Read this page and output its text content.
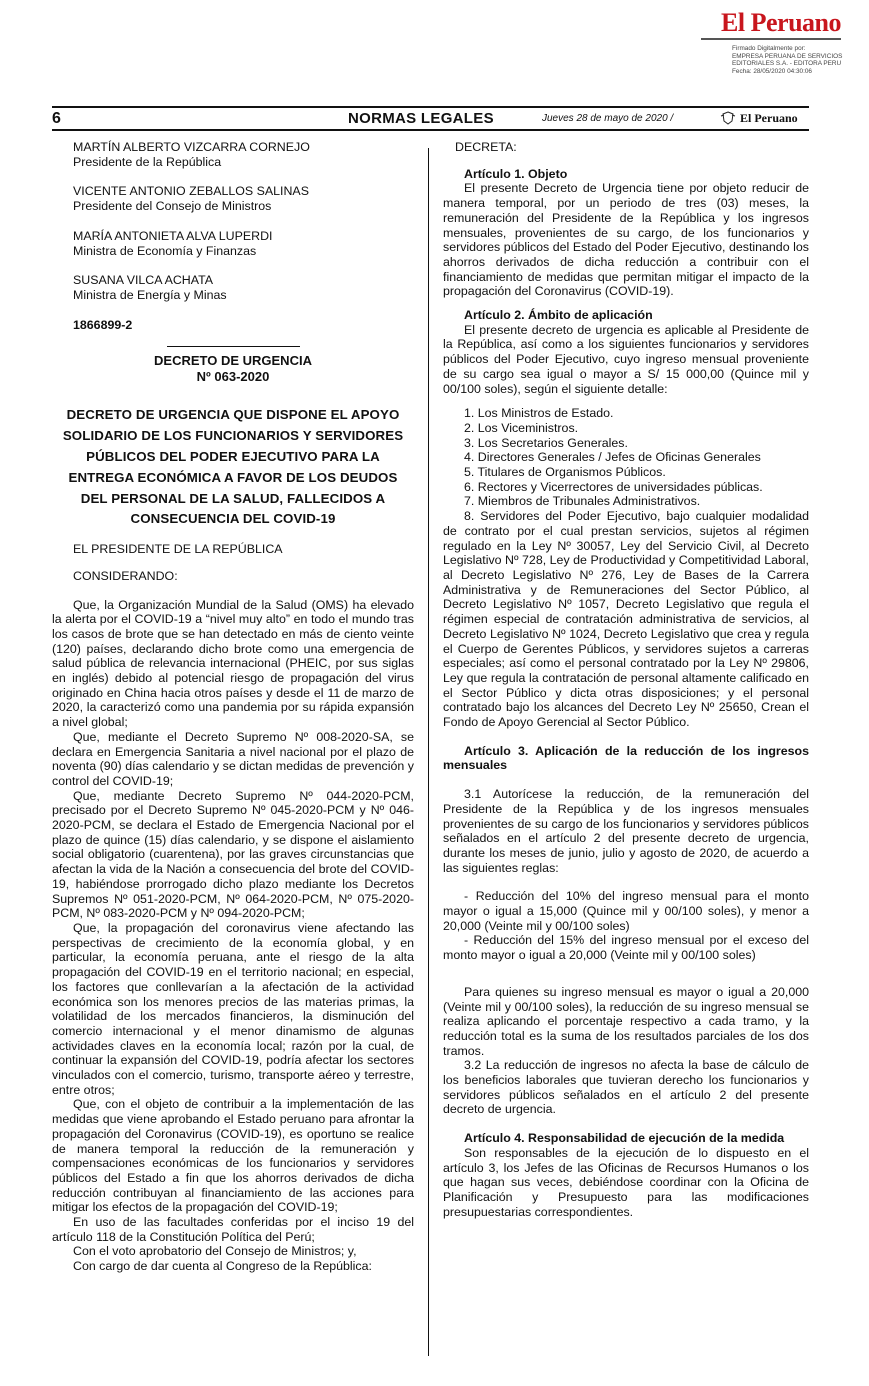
El Peruano
Firmado Digitalmente por:
EMPRESA PERUANA DE SERVICIOS
EDITORIALES S.A. - EDITORA PERU
Fecha: 28/05/2020 04:30:06
6	NORMAS LEGALES	Jueves 28 de mayo de 2020 /	El Peruano
MARTÍN ALBERTO VIZCARRA CORNEJO
Presidente de la República
VICENTE ANTONIO ZEBALLOS SALINAS
Presidente del Consejo de Ministros
MARÍA ANTONIETA ALVA LUPERDI
Ministra de Economía y Finanzas
SUSANA VILCA ACHATA
Ministra de Energía y Minas
1866899-2
DECRETO DE URGENCIA
Nº 063-2020
DECRETO DE URGENCIA QUE DISPONE EL APOYO SOLIDARIO DE LOS FUNCIONARIOS Y SERVIDORES PÚBLICOS DEL PODER EJECUTIVO PARA LA ENTREGA ECONÓMICA A FAVOR DE LOS DEUDOS DEL PERSONAL DE LA SALUD, FALLECIDOS A CONSECUENCIA DEL COVID-19
EL PRESIDENTE DE LA REPÚBLICA
CONSIDERANDO:

Que, la Organización Mundial de la Salud (OMS) ha elevado la alerta por el COVID-19 a “nivel muy alto” en todo el mundo tras los casos de brote que se han detectado en más de ciento veinte (120) países, declarando dicho brote como una emergencia de salud pública de relevancia internacional (PHEIC, por sus siglas en inglés) debido al potencial riesgo de propagación del virus originado en China hacia otros países y desde el 11 de marzo de 2020, la caracterizó como una pandemia por su rápida expansión a nivel global;

Que, mediante el Decreto Supremo Nº 008-2020-SA, se declara en Emergencia Sanitaria a nivel nacional por el plazo de noventa (90) días calendario y se dictan medidas de prevención y control del COVID-19;

Que, mediante Decreto Supremo Nº 044-2020-PCM, precisado por el Decreto Supremo Nº 045-2020-PCM y Nº 046-2020-PCM, se declara el Estado de Emergencia Nacional por el plazo de quince (15) días calendario, y se dispone el aislamiento social obligatorio (cuarentena), por las graves circunstancias que afectan la vida de la Nación a consecuencia del brote del COVID-19, habiéndose prorrogado dicho plazo mediante los Decretos Supremos Nº 051-2020-PCM, Nº 064-2020-PCM, Nº 075-2020-PCM, Nº 083-2020-PCM y Nº 094-2020-PCM;

Que, la propagación del coronavirus viene afectando las perspectivas de crecimiento de la economía global, y en particular, la economía peruana, ante el riesgo de la alta propagación del COVID-19 en el territorio nacional; en especial, los factores que conllevarían a la afectación de la actividad económica son los menores precios de las materias primas, la volatilidad de los mercados financieros, la disminución del comercio internacional y el menor dinamismo de algunas actividades claves en la economía local; razón por la cual, de continuar la expansión del COVID-19, podría afectar los sectores vinculados con el comercio, turismo, transporte aéreo y terrestre, entre otros;

Que, con el objeto de contribuir a la implementación de las medidas que viene aprobando el Estado peruano para afrontar la propagación del Coronavirus (COVID-19), es oportuno se realice de manera temporal la reducción de la remuneración y compensaciones económicas de los funcionarios y servidores públicos del Estado a fin que los ahorros derivados de dicha reducción contribuyan al financiamiento de las acciones para mitigar los efectos de la propagación del COVID-19;

En uso de las facultades conferidas por el inciso 19 del artículo 118 de la Constitución Política del Perú;

Con el voto aprobatorio del Consejo de Ministros; y,

Con cargo de dar cuenta al Congreso de la República:

DECRETA:

Artículo 1. Objeto

El presente Decreto de Urgencia tiene por objeto reducir de manera temporal, por un periodo de tres (03) meses, la remuneración del Presidente de la República y los ingresos mensuales, provenientes de su cargo, de los funcionarios y servidores públicos del Estado del Poder Ejecutivo, destinando los ahorros derivados de dicha reducción a contribuir con el financiamiento de medidas que permitan mitigar el impacto de la propagación del Coronavirus (COVID-19).

Artículo 2. Ámbito de aplicación

El presente decreto de urgencia es aplicable al Presidente de la República, así como a los siguientes funcionarios y servidores públicos del Poder Ejecutivo, cuyo ingreso mensual proveniente de su cargo sea igual o mayor a S/ 15 000,00 (Quince mil y 00/100 soles), según el siguiente detalle:

1. Los Ministros de Estado.

2. Los Viceministros.

3. Los Secretarios Generales.

4. Directores Generales / Jefes de Oficinas Generales

5. Titulares de Organismos Públicos.

6. Rectores y Vicerrectores de universidades públicas.

7. Miembros de Tribunales Administrativos.

8. Servidores del Poder Ejecutivo, bajo cualquier modalidad de contrato por el cual prestan servicios, sujetos al régimen regulado en la Ley Nº 30057, Ley del Servicio Civil, al Decreto Legislativo Nº 728, Ley de Productividad y Competitividad Laboral, al Decreto Legislativo Nº 276, Ley de Bases de la Carrera Administrativa y de Remuneraciones del Sector Público, al Decreto Legislativo Nº 1057, Decreto Legislativo que regula el régimen especial de contratación administrativa de servicios, al Decreto Legislativo Nº 1024, Decreto Legislativo que crea y regula el Cuerpo de Gerentes Públicos, y servidores sujetos a carreras especiales; así como el personal contratado por la Ley Nº 29806, Ley que regula la contratación de personal altamente calificado en el Sector Público y dicta otras disposiciones; y el personal contratado bajo los alcances del Decreto Ley Nº 25650, Crean el Fondo de Apoyo Gerencial al Sector Público.

Artículo 3. Aplicación de la reducción de los ingresos mensuales

3.1 Autorícese la reducción, de la remuneración del Presidente de la República y de los ingresos mensuales provenientes de su cargo de los funcionarios y servidores públicos señalados en el artículo 2 del presente decreto de urgencia, durante los meses de junio, julio y agosto de 2020, de acuerdo a las siguientes reglas:

- Reducción del 10% del ingreso mensual para el monto mayor o igual a 15,000 (Quince mil y 00/100 soles), y menor a 20,000 (Veinte mil y 00/100 soles)

- Reducción del 15% del ingreso mensual por el exceso del monto mayor o igual a 20,000 (Veinte mil y 00/100 soles)

Para quienes su ingreso mensual es mayor o igual a 20,000 (Veinte mil y 00/100 soles), la reducción de su ingreso mensual se realiza aplicando el porcentaje respectivo a cada tramo, y la reducción total es la suma de los resultados parciales de los dos tramos.

3.2 La reducción de ingresos no afecta la base de cálculo de los beneficios laborales que tuvieran derecho los funcionarios y servidores públicos señalados en el artículo 2 del presente decreto de urgencia.

Artículo 4. Responsabilidad de ejecución de la medida

Son responsables de la ejecución de lo dispuesto en el artículo 3, los Jefes de las Oficinas de Recursos Humanos o los que hagan sus veces, debiéndose coordinar con la Oficina de Planificación y Presupuesto para las modificaciones presupuestarias correspondientes.
